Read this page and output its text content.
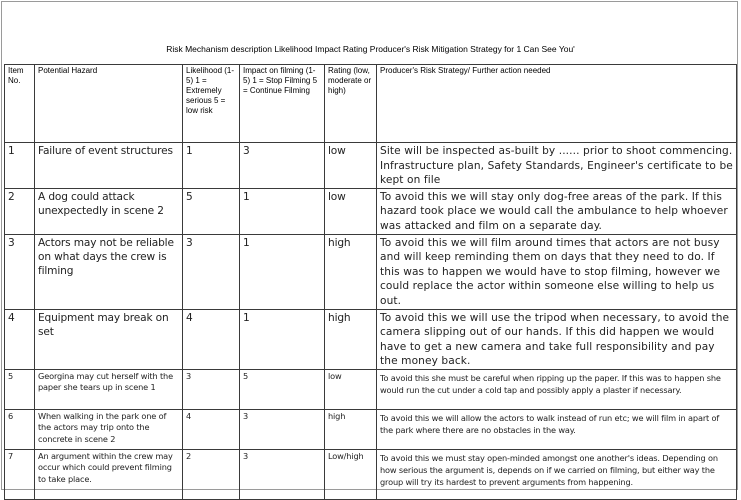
Risk Mechanism description Likelihood Impact Rating Producer's Risk Mitigation Strategy for 1 Can See You'
Item No.	Potential Hazard	Likelihood (1-5) 1 = Extremely serious 5 = low risk	Impact on filming (1-5) 1 = Stop Filming 5 = Continue Filming	Rating (low, moderate or high)	Producer's Risk Strategy/ Further action needed
1	Failure of event structures	1	3	low	Site will be inspected as-built by ...... prior to shoot commencing. Infrastructure plan, Safety Standards, Engineer's certificate to be kept on file
2	A dog could attack unexpectedly in scene 2	5	1	low	To avoid this we will stay only dog-free areas of the park. If this hazard took place we would call the ambulance to help whoever was attacked and film on a separate day.
3	Actors may not be reliable on what days the crew is filming	3	1	high	To avoid this we will film around times that actors are not busy and will keep reminding them on days that they need to do. If this was to happen we would have to stop filming, however we could replace the actor within someone else willing to help us out.
4	Equipment may break on set	4	1	high	To avoid this we will use the tripod when necessary, to avoid the camera slipping out of our hands. If this did happen we would have to get a new camera and take full responsibility and pay the money back.
5	Georgina may cut herself with the paper she tears up in scene 1	3	5	low	To avoid this she must be careful when ripping up the paper. If this was to happen she would run the cut under a cold tap and possibly apply a plaster if necessary.
6	When walking in the park one of the actors may trip onto the concrete in scene 2	4	3	high	To avoid this we will allow the actors to walk instead of run etc; we will film in apart of the park where there are no obstacles in the way.
7	An argument within the crew may occur which could prevent filming to take place.	2	3	Low/high	To avoid this we must stay open-minded amongst one another's ideas. Depending on how serious the argument is, depends on if we carried on filming, but either way the group will try its hardest to prevent arguments from happening.
